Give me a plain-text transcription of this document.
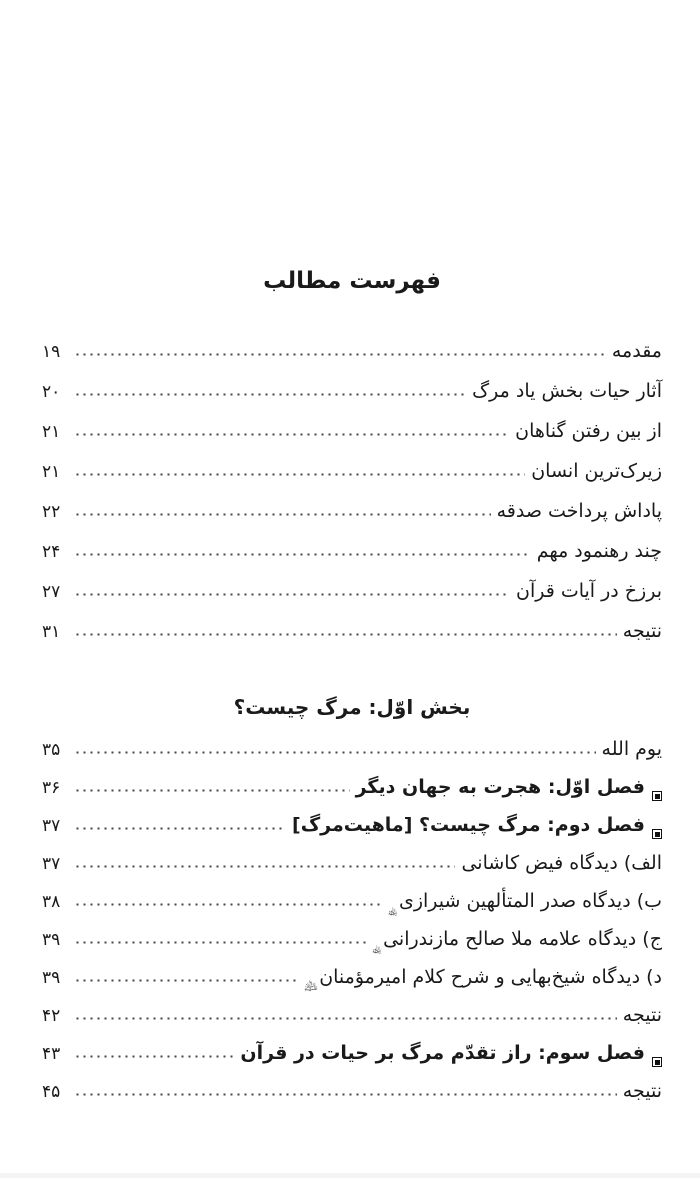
فهرست مطالب
مقدمه
۱۹
آثار حیات بخش یاد مرگ
۲۰
از بین رفتن گناهان
۲۱
زیرک‌ترین انسان
۲۱
پاداش پرداخت صدقه
۲۲
چند رهنمود مهم
۲۴
برزخ در آیات قرآن
۲۷
نتیجه
۳۱
بخش اوّل: مرگ چیست؟
یوم الله
۳۵
فصل اوّل: هجرت به جهان دیگر
۳۶
فصل دوم: مرگ چیست؟ [ماهیت‌مرگ]
۳۷
الف) دیدگاه فیض کاشانی
۳۷
ب) دیدگاه صدر المتألهین شیرازی
﵀
۳۸
ج) دیدگاه علامه ملا صالح مازندرانی
﵀
۳۹
د) دیدگاه شیخ‌بهایی و شرح کلام امیرمؤمنان
﵇
۳۹
نتیجه
۴۲
فصل سوم: راز تقدّم مرگ بر حیات در قرآن
۴۳
نتیجه
۴۵
